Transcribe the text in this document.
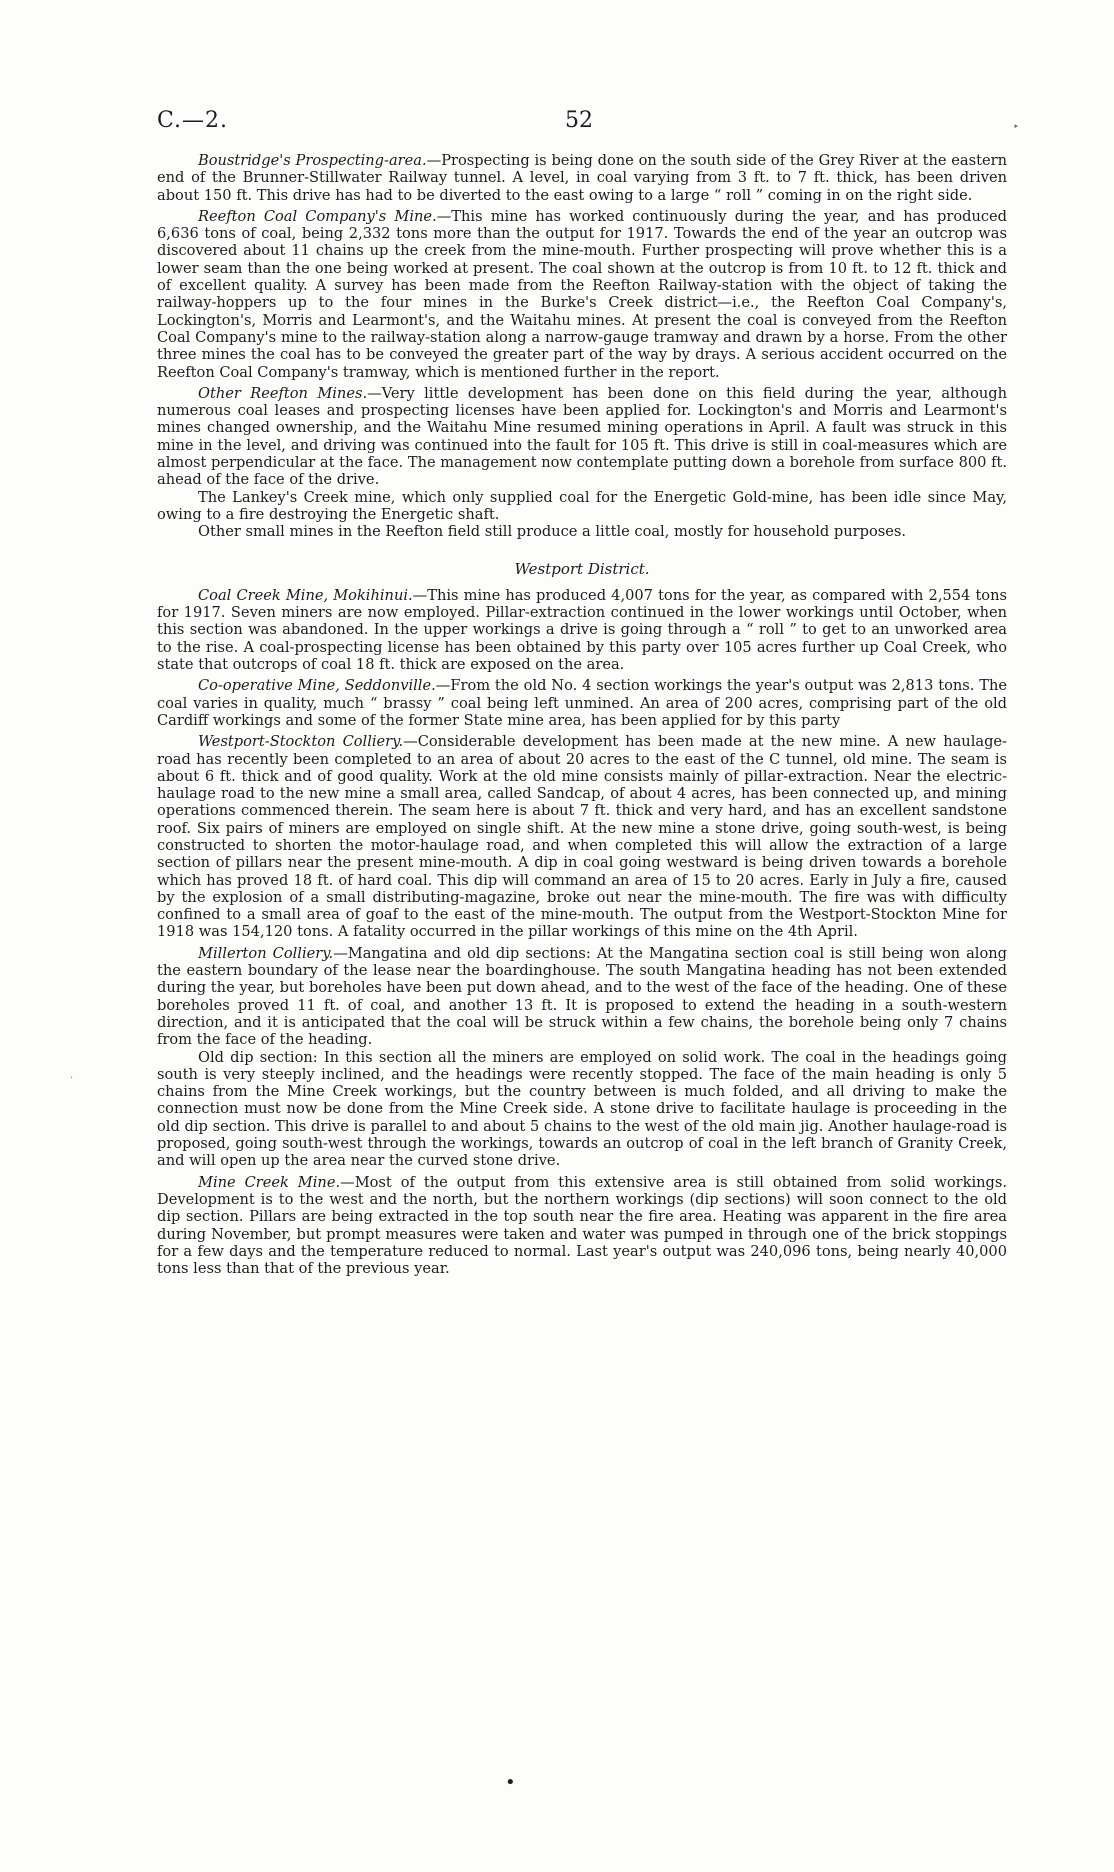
C.—2.	52	‣

Boustridge's Prospecting-area.—Prospecting is being done on the south side of the Grey River at the eastern end of the Brunner-Stillwater Railway tunnel. A level, in coal varying from 3 ft. to 7 ft. thick, has been driven about 150 ft. This drive has had to be diverted to the east owing to a large “ roll ” coming in on the right side.

Reefton Coal Company's Mine.—This mine has worked continuously during the year, and has produced 6,636 tons of coal, being 2,332 tons more than the output for 1917. Towards the end of the year an outcrop was discovered about 11 chains up the creek from the mine-mouth. Further prospecting will prove whether this is a lower seam than the one being worked at present. The coal shown at the outcrop is from 10 ft. to 12 ft. thick and of excellent quality. A survey has been made from the Reefton Railway-station with the object of taking the railway-hoppers up to the four mines in the Burke's Creek district—i.e., the Reefton Coal Company's, Lockington's, Morris and Learmont's, and the Waitahu mines. At present the coal is conveyed from the Reefton Coal Company's mine to the railway-station along a narrow-gauge tramway and drawn by a horse. From the other three mines the coal has to be conveyed the greater part of the way by drays. A serious accident occurred on the Reefton Coal Company's tramway, which is mentioned further in the report.

Other Reefton Mines.—Very little development has been done on this field during the year, although numerous coal leases and prospecting licenses have been applied for. Lockington's and Morris and Learmont's mines changed ownership, and the Waitahu Mine resumed mining operations in April. A fault was struck in this mine in the level, and driving was continued into the fault for 105 ft. This drive is still in coal-measures which are almost perpendicular at the face. The management now contemplate putting down a borehole from surface 800 ft. ahead of the face of the drive.

The Lankey's Creek mine, which only supplied coal for the Energetic Gold-mine, has been idle since May, owing to a fire destroying the Energetic shaft.

Other small mines in the Reefton field still produce a little coal, mostly for household purposes.

Westport District.

Coal Creek Mine, Mokihinui.—This mine has produced 4,007 tons for the year, as compared with 2,554 tons for 1917. Seven miners are now employed. Pillar-extraction continued in the lower workings until October, when this section was abandoned. In the upper workings a drive is going through a “ roll ” to get to an unworked area to the rise. A coal-prospecting license has been obtained by this party over 105 acres further up Coal Creek, who state that outcrops of coal 18 ft. thick are exposed on the area.

Co-operative Mine, Seddonville.—From the old No. 4 section workings the year's output was 2,813 tons. The coal varies in quality, much “ brassy ” coal being left unmined. An area of 200 acres, comprising part of the old Cardiff workings and some of the former State mine area, has been applied for by this party

Westport-Stockton Colliery.—Considerable development has been made at the new mine. A new haulage-road has recently been completed to an area of about 20 acres to the east of the C tunnel, old mine. The seam is about 6 ft. thick and of good quality. Work at the old mine consists mainly of pillar-extraction. Near the electric-haulage road to the new mine a small area, called Sandcap, of about 4 acres, has been connected up, and mining operations commenced therein. The seam here is about 7 ft. thick and very hard, and has an excellent sandstone roof. Six pairs of miners are employed on single shift. At the new mine a stone drive, going south-west, is being constructed to shorten the motor-haulage road, and when completed this will allow the extraction of a large section of pillars near the present mine-mouth. A dip in coal going westward is being driven towards a borehole which has proved 18 ft. of hard coal. This dip will command an area of 15 to 20 acres. Early in July a fire, caused by the explosion of a small distributing-magazine, broke out near the mine-mouth. The fire was with difficulty confined to a small area of goaf to the east of the mine-mouth. The output from the Westport-Stockton Mine for 1918 was 154,120 tons. A fatality occurred in the pillar workings of this mine on the 4th April.

Millerton Colliery.—Mangatina and old dip sections: At the Mangatina section coal is still being won along the eastern boundary of the lease near the boardinghouse. The south Mangatina heading has not been extended during the year, but boreholes have been put down ahead, and to the west of the face of the heading. One of these boreholes proved 11 ft. of coal, and another 13 ft. It is proposed to extend the heading in a south-western direction, and it is anticipated that the coal will be struck within a few chains, the borehole being only 7 chains from the face of the heading.

Old dip section: In this section all the miners are employed on solid work. The coal in the headings going south is very steeply inclined, and the headings were recently stopped. The face of the main heading is only 5 chains from the Mine Creek workings, but the country between is much folded, and all driving to make the connection must now be done from the Mine Creek side. A stone drive to facilitate haulage is proceeding in the old dip section. This drive is parallel to and about 5 chains to the west of the old main jig. Another haulage-road is proposed, going south-west through the workings, towards an outcrop of coal in the left branch of Granity Creek, and will open up the area near the curved stone drive.

Mine Creek Mine.—Most of the output from this extensive area is still obtained from solid workings. Development is to the west and the north, but the northern workings (dip sections) will soon connect to the old dip section. Pillars are being extracted in the top south near the fire area. Heating was apparent in the fire area during November, but prompt measures were taken and water was pumped in through one of the brick stoppings for a few days and the temperature reduced to normal. Last year's output was 240,096 tons, being nearly 40,000 tons less than that of the previous year.

·
•
